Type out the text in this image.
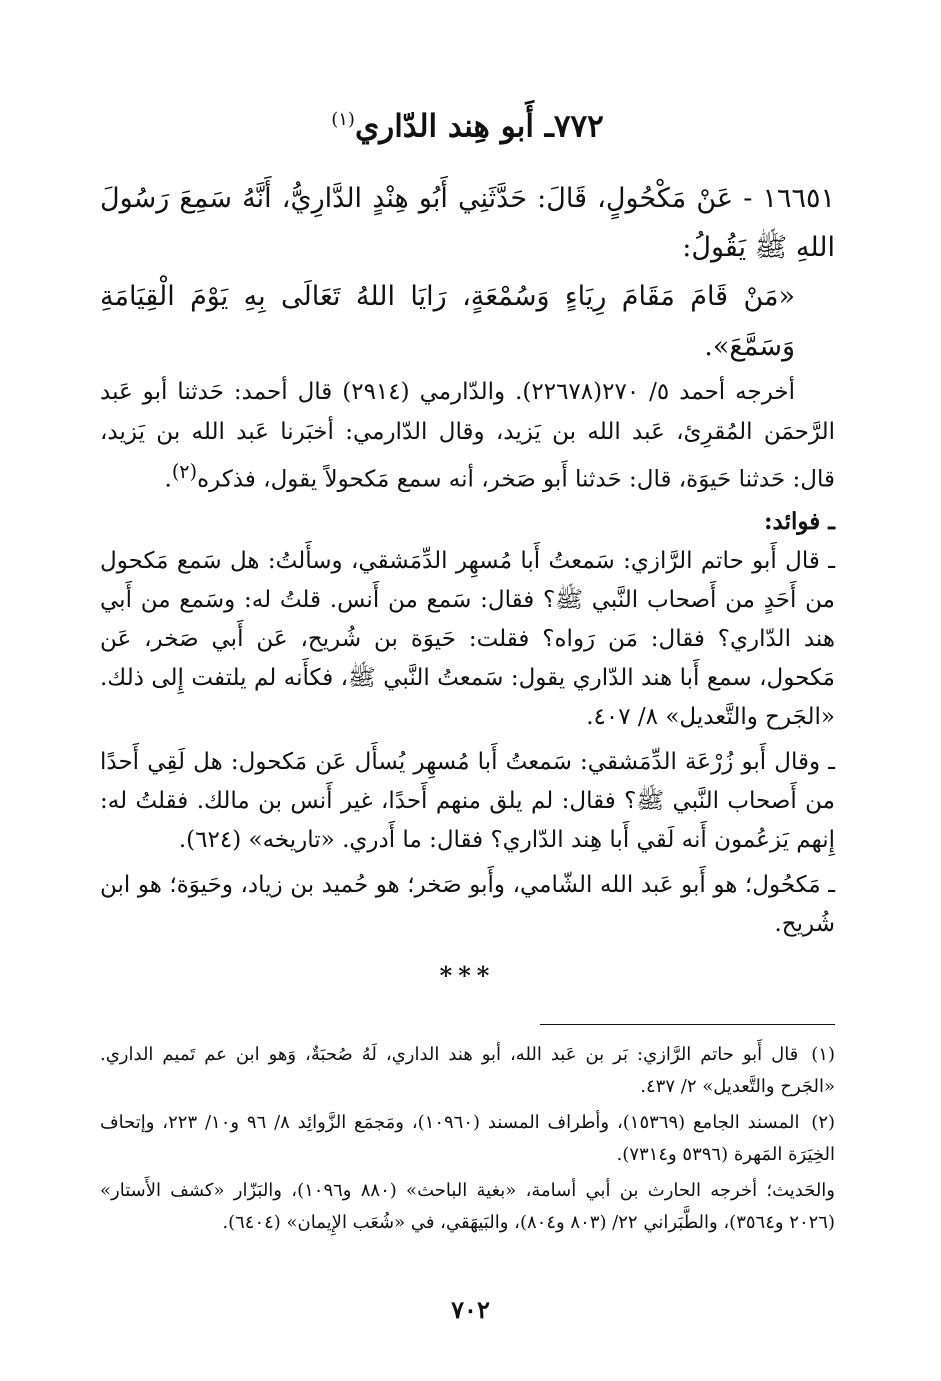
٧٧٢ـ أَبو هِند الدّاري$^{(١)}$

١٦٦٥١ - عَنْ مَكْحُولٍ، قَالَ: حَدَّثَنِي أَبُو هِنْدٍ الدَّارِيُّ، أَنَّهُ سَمِعَ رَسُولَ اللهِ ﷺ يَقُولُ:

«مَنْ قَامَ مَقَامَ رِيَاءٍ وَسُمْعَةٍ، رَايَا اللهُ تَعَالَى بِهِ يَوْمَ الْقِيَامَةِ وَسَمَّعَ».

أخرجه أحمد ٥/ ٢٧٠(٢٢٦٧٨). والدّارمي (٢٩١٤) قال أحمد: حَدثنا أبو عَبد الرَّحمَن المُقرِئ، عَبد الله بن يَزيد، وقال الدّارمي: أخبَرنا عَبد الله بن يَزيد، قال: حَدثنا حَيوَة، قال: حَدثنا أَبو صَخر، أنه سمع مَكحولاً يقول، فذكره$^{(٢)}$.

ـ فوائد:

ـ قال أَبو حاتم الرَّازي: سَمعتُ أَبا مُسهِر الدِّمَشقي، وسأَلتُ: هل سَمع مَكحول من أَحَدٍ من أَصحاب النَّبي ﷺ؟ فقال: سَمع من أَنس. قلتُ له: وسَمع من أَبي هند الدّاري؟ فقال: مَن رَواه؟ فقلت: حَيوَة بن شُريح، عَن أَبي صَخر، عَن مَكحول، سمع أَبا هند الدّاري يقول: سَمعتُ النَّبي ﷺ، فكأَنه لم يلتفت إِلى ذلك. «الجَرح والتَّعديل» ٨/ ٤٠٧.

ـ وقال أَبو زُرْعَة الدِّمَشقي: سَمعتُ أَبا مُسهِر يُسأَل عَن مَكحول: هل لَقِي أَحدًا من أَصحاب النَّبي ﷺ؟ فقال: لم يلق منهم أَحدًا، غير أَنس بن مالك. فقلتُ له: إِنهم يَزعُمون أَنه لَقي أَبا هِند الدّاري؟ فقال: ما أَدري. «تاريخه» (٦٢٤).

ـ مَكحُول؛ هو أَبو عَبد الله الشّامي، وأَبو صَخر؛ هو حُميد بن زياد، وحَيوَة؛ هو ابن شُريح.

***

(١) قال أَبو حاتم الرَّازي: بَر بن عَبد الله، أبو هند الداري، لَهُ صُحبَةٌ، وَهو ابن عم تَميم الداري. «الجَرح والتَّعديل» ٢/ ٤٣٧.

(٢) المسند الجامع (١٥٣٦٩)، وأطراف المسند (١٠٩٦٠)، ومَجمَع الزَّوائِد ٨/ ٩٦ و١٠/ ٢٢٣، وإتحاف الخِيَرَة المَهرة (٥٣٩٦ و٧٣١٤).

والحَديث؛ أخرجه الحارث بن أبي أسامة، «بغية الباحث» (٨٨٠ و١٠٩٦)، والبَزّار «كشف الأَستار» (٢٠٢٦ و٣٥٦٤)، والطَّبَراني ٢٢/ (٨٠٣ و٨٠٤)، والبَيهَقي، في «شُعَب الإِيمان» (٦٤٠٤).

٧٠٢
